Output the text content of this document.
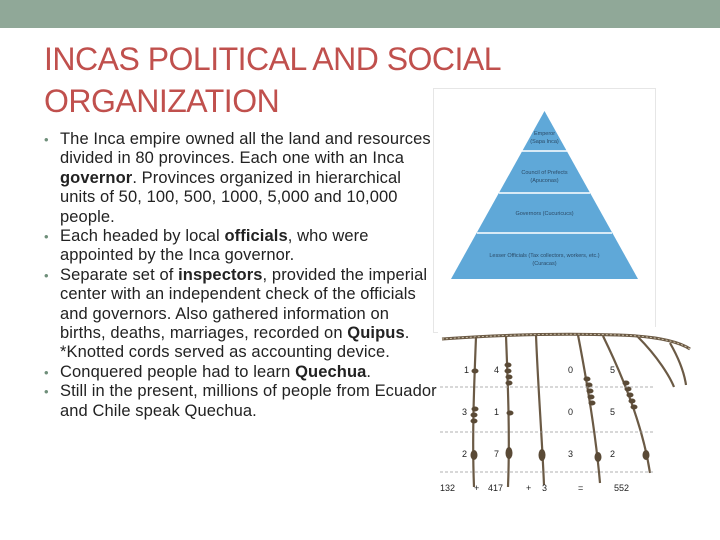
INCAS POLITICAL AND SOCIAL ORGANIZATION
• The Inca empire owned all the land and resources divided in 80 provinces. Each one with an Inca governor. Provinces organized in hierarchical units of 50, 100, 500, 1000, 5,000 and 10,000 people.
• Each headed by local officials, who were appointed by the Inca governor.
• Separate set of inspectors, provided the imperial center with an independent check of the officials and governors. Also gathered information on births, deaths, marriages, recorded on Quipus. *Knotted cords served as accounting device.
• Conquered people had to learn Quechua.
• Still in the present, millions of people from Ecuador and Chile speak Quechua.
Emperor
(Sapa Inca)
Council of Prefects
(Apuconas)
Governors (Cucuricucs)
Lesser Officials (Tax collectors, workers, etc.)
(Curacas)
1	4	0	5
3	1	0	5
2	7	3	2
132 + 417	+ 3	=	552
